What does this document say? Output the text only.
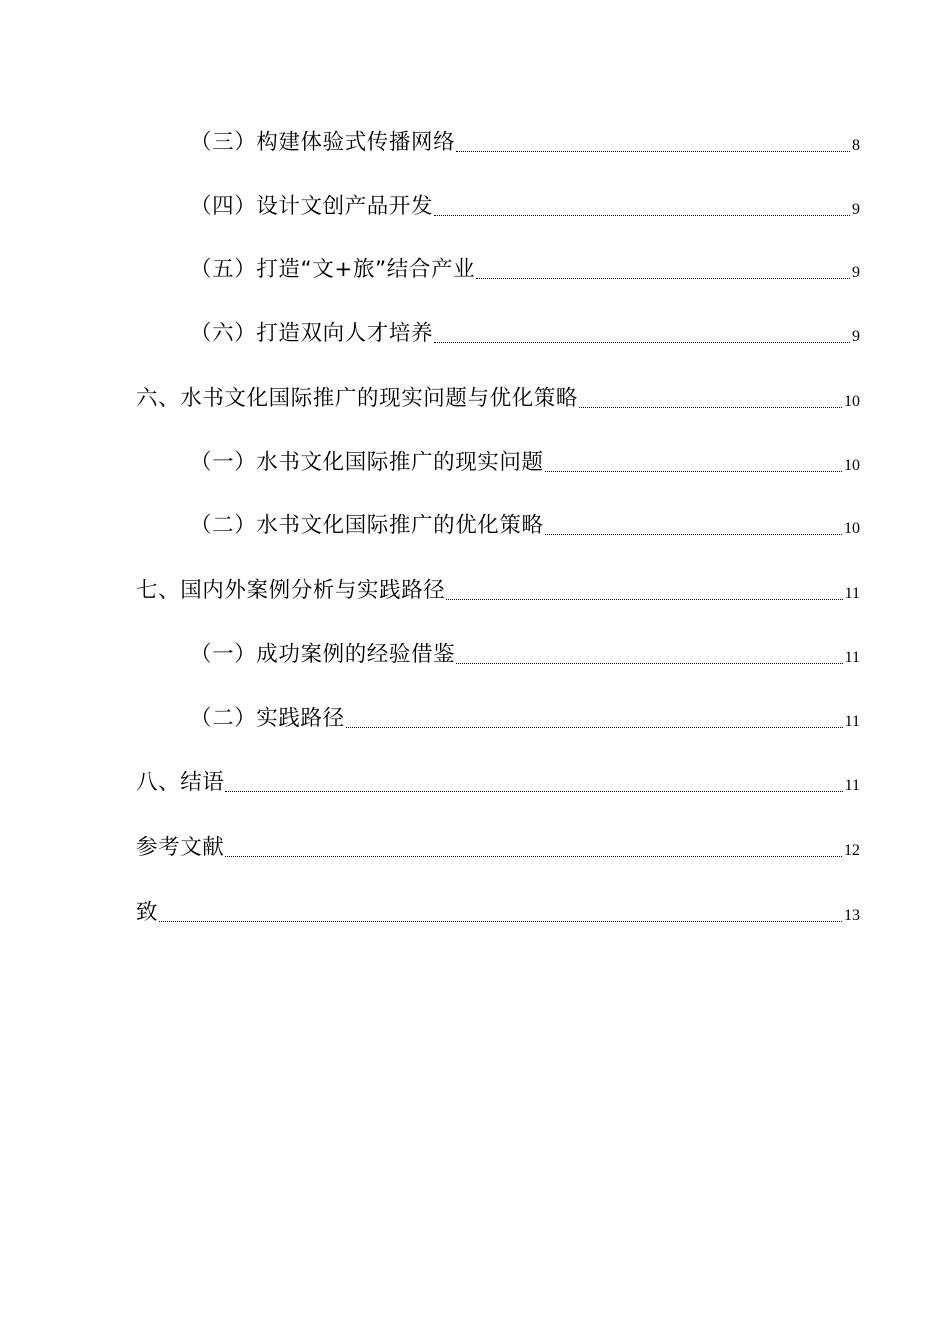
（三）构建体验式传播网络	8
（四）设计文创产品开发	9
（五）打造“文+旅”结合产业	9
（六）打造双向人才培养	9
六、水书文化国际推广的现实问题与优化策略	10
（一）水书文化国际推广的现实问题	10
（二）水书文化国际推广的优化策略	10
七、国内外案例分析与实践路径	11
（一）成功案例的经验借鉴	11
（二）实践路径	11
八、结语	11
参考文献	12
致	13
